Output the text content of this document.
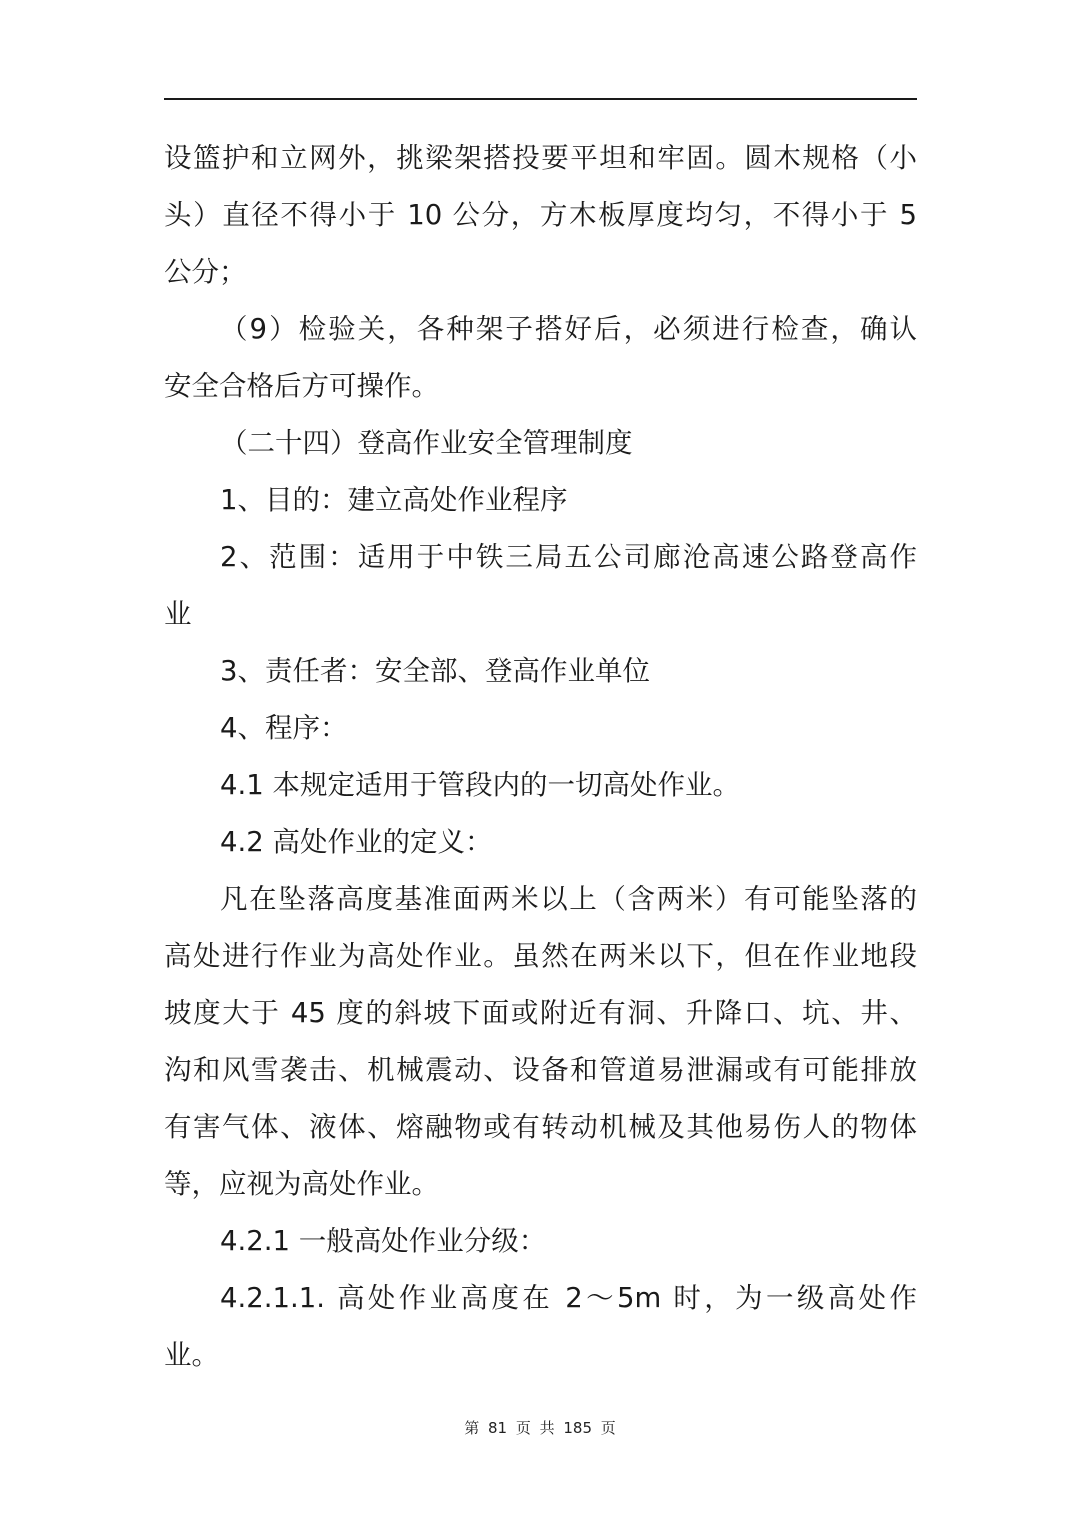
设篮护和立网外，挑梁架搭投要平坦和牢固。圆木规格（小
头）直径不得小于 10 公分，方木板厚度均匀，不得小于 5
公分；
（9）检验关，各种架子搭好后，必须进行检查，确认
安全合格后方可操作。
（二十四）登高作业安全管理制度
1、目的：建立高处作业程序
2、范围：适用于中铁三局五公司廊沧高速公路登高作
业
3、责任者：安全部、登高作业单位
4、程序：
4.1 本规定适用于管段内的一切高处作业。
4.2 高处作业的定义：
凡在坠落高度基准面两米以上（含两米）有可能坠落的
高处进行作业为高处作业。虽然在两米以下，但在作业地段
坡度大于 45 度的斜坡下面或附近有洞、升降口、坑、井、
沟和风雪袭击、机械震动、设备和管道易泄漏或有可能排放
有害气体、液体、熔融物或有转动机械及其他易伤人的物体
等，应视为高处作业。
4.2.1 一般高处作业分级：
4.2.1.1. 高处作业高度在 2～5m 时，为一级高处作
业。
第 81 页 共 185 页
